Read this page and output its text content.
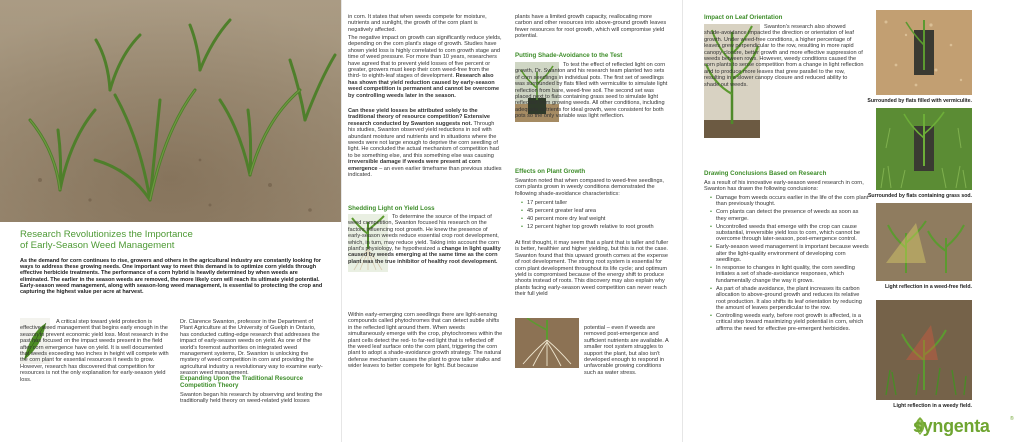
Research Revolutionizes the Importance
of Early-Season Weed Management
As the demand for corn continues to rise, growers and others in the agricultural industry are constantly looking for ways to address these growing needs. One important way to meet this demand is to optimize corn yields through effective herbicide treatments. The performance of a corn hybrid is heavily determined by when weeds are eliminated. The earlier in the season weeds are removed, the more likely corn will reach its ultimate yield potential. Early-season weed management, along with season-long weed management, is essential to protecting the crop and capturing the highest value per acre at harvest.
A critical step toward yield protection is effective weed management that begins early enough in the season to prevent economic yield loss. Most research in the past has focused on the impact weeds present in the field after corn emergence have on yield. It is well documented that weeds exceeding two inches in height will compete with the corn plant for essential resources it needs to grow. However, research has discovered that competition for resources is not the only explanation for early-season yield loss.
Dr. Clarence Swanton, professor in the Department of Plant Agriculture at the University of Guelph in Ontario, has conducted cutting-edge research that addresses the impact of early-season weeds on yield. As one of the world's foremost authorities on integrated weed management systems, Dr. Swanton is unlocking the mystery of weed competition in corn and providing the agricultural industry a revolutionary way to examine early-season weed management.
Expanding Upon the Traditional Resource Competition Theory
Swanton began his research by observing and testing the traditionally held theory on weed-related yield losses
in corn. It states that when weeds compete for moisture, nutrients and sunlight, the growth of the corn plant is negatively affected.
The negative impact on growth can significantly reduce yields, depending on the corn plant's stage of growth. Studies have shown yield loss is highly correlated to corn growth stage and time of weed pressure. For more than 10 years, researchers have agreed that to prevent yield losses of five percent or greater, growers must keep their corn weed-free from the third- to eighth-leaf stages of development. Research also has shown that yield reduction caused by early-season weed competition is permanent and cannot be overcome by controlling weeds later in the season.
Can these yield losses be attributed solely to the traditional theory of resource competition? Extensive research conducted by Swanton suggests not. Through his studies, Swanton observed yield reductions in soil with abundant moisture and nutrients and in situations where the weeds were not large enough to deprive the corn seedling of light. He concluded the actual mechanism of competition had to be something else, and this something else was causing irreversible damage if weeds were present at corn emergence – an even earlier timeframe than previous studies indicated.
Shedding Light on Yield Loss
To determine the source of the impact of weed competition, Swanton focused his research on the factors influencing root growth. He knew the presence of early-season weeds reduce essential crop root development, which, in turn, may reduce yield. Taking into account the corn plant's physiology, he hypothesized a change in light quality caused by weeds emerging at the same time as the corn plant was the true inhibitor of healthy root development.
Within early-emerging corn seedlings there are light-sensing compounds called phytochromes that can detect subtle shifts in the reflected light around them. When weeds simultaneously emerge with the crop, phytochromes within the plant cells detect the red- to far-red light that is reflected off the weed leaf surface onto the corn plant, triggering the corn plant to adopt a shade-avoidance growth strategy. The natural defense mechanism causes the plant to grow taller stalks and wider leaves to better compete for light. But because
plants have a limited growth capacity, reallocating more carbon and other resources into above-ground growth leaves fewer resources for root growth, which will compromise yield potential.
Putting Shade-Avoidance to the Test
To test the effect of reflected light on corn growth, Dr. Swanton and his research team planted two sets of corn seedlings in individual pots. The first set of seedlings was surrounded by flats filled with vermiculite to simulate light reflection from bare, weed-free soil. The second set was placed next to flats containing grass seed to simulate light reflection from growing weeds. All other conditions, including adequate nutrients for ideal growth, were consistent for both pots so the only variable was light reflection.
Effects on Plant Growth
Swanton noted that when compared to weed-free seedlings, corn plants grown in weedy conditions demonstrated the following shade-avoidance characteristics:
• 17 percent taller
• 45 percent greater leaf area
• 40 percent more dry leaf weight
• 12 percent higher top growth relative to root growth
At first thought, it may seem that a plant that is taller and fuller is better, healthier and higher yielding, but this is not the case. Swanton found that this upward growth comes at the expense of root development. The strong root system is essential for corn plant development throughout its life cycle; and optimum yield is compromised because of the energy shift to produce shoots instead of roots. This discovery may also explain why plants facing early-season weed competition can never reach their full yield
potential – even if weeds are removed post-emergence and sufficient nutrients are available. A smaller root system struggles to support the plant, but also isn't developed enough to respond in unfavorable growing conditions such as water stress.
Impact on Leaf Orientation
Swanton's research also showed shade-avoidance impacted the direction or orientation of leaf growth. Under weed-free conditions, a higher percentage of leaves grew perpendicular to the row, resulting in more rapid canopy closure, better growth and more effective suppression of weeds between rows. However, weedy conditions caused the corn plants to sense competition from a change in light reflection and to produce more leaves that grew parallel to the row, resulting in a slower canopy closure and reduced ability to shade out weeds.
Drawing Conclusions Based on Research
As a result of his innovative early-season weed research in corn, Swanton has drawn the following conclusions:
• Damage from weeds occurs earlier in the life of the corn plant than previously thought.
• Corn plants can detect the presence of weeds as soon as they emerge.
• Uncontrolled weeds that emerge with the crop can cause substantial, irreversible yield loss to corn, which cannot be overcome through later-season, post-emergence control.
• Early-season weed management is important because weeds alter the light-quality environment of developing corn seedlings.
• In response to changes in light quality, the corn seedling initiates a set of shade-avoidance responses, which fundamentally change the way it grows.
• As part of shade avoidance, the plant increases its carbon allocation to above-ground growth and reduces its relative root production. It also shifts its leaf orientation by reducing the amount of leaves perpendicular to the row.
• Controlling weeds early, before root growth is affected, is a critical step toward maximizing yield potential in corn, which affirms the need for effective pre-emergent herbicides.
Surrounded by flats filled with vermiculite.
Surrounded by flats containing grass sod.
Light reflection in a weed-free field.
Light reflection in a weedy field.
syngenta	®
